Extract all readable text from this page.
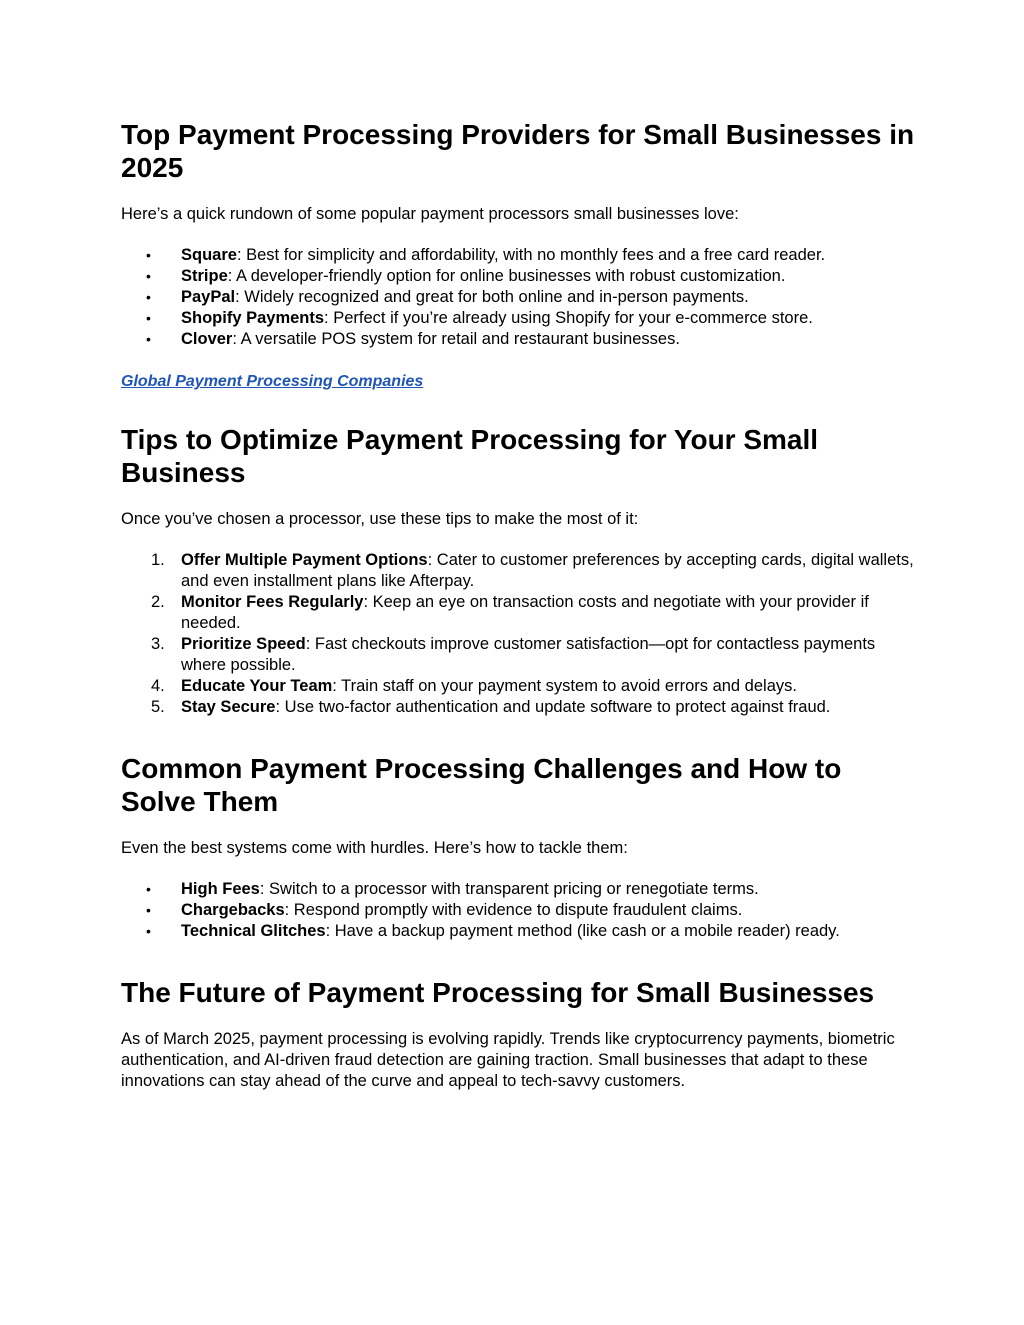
Top Payment Processing Providers for Small Businesses in 2025

Here’s a quick rundown of some popular payment processors small businesses love:

•	Square: Best for simplicity and affordability, with no monthly fees and a free card reader.
•	Stripe: A developer-friendly option for online businesses with robust customization.
•	PayPal: Widely recognized and great for both online and in-person payments.
•	Shopify Payments: Perfect if you’re already using Shopify for your e-commerce store.
•	Clover: A versatile POS system for retail and restaurant businesses.

Global Payment Processing Companies

Tips to Optimize Payment Processing for Your Small Business

Once you’ve chosen a processor, use these tips to make the most of it:

1. Offer Multiple Payment Options: Cater to customer preferences by accepting cards, digital wallets, and even installment plans like Afterpay.
2. Monitor Fees Regularly: Keep an eye on transaction costs and negotiate with your provider if needed.
3. Prioritize Speed: Fast checkouts improve customer satisfaction—opt for contactless payments where possible.
4. Educate Your Team: Train staff on your payment system to avoid errors and delays.
5. Stay Secure: Use two-factor authentication and update software to protect against fraud.
Common Payment Processing Challenges and How to Solve Them

Even the best systems come with hurdles. Here’s how to tackle them:

•	High Fees: Switch to a processor with transparent pricing or renegotiate terms.
•	Chargebacks: Respond promptly with evidence to dispute fraudulent claims.
•	Technical Glitches: Have a backup payment method (like cash or a mobile reader) ready.
The Future of Payment Processing for Small Businesses

As of March 2025, payment processing is evolving rapidly. Trends like cryptocurrency payments, biometric authentication, and AI-driven fraud detection are gaining traction. Small businesses that adapt to these innovations can stay ahead of the curve and appeal to tech-savvy customers.
